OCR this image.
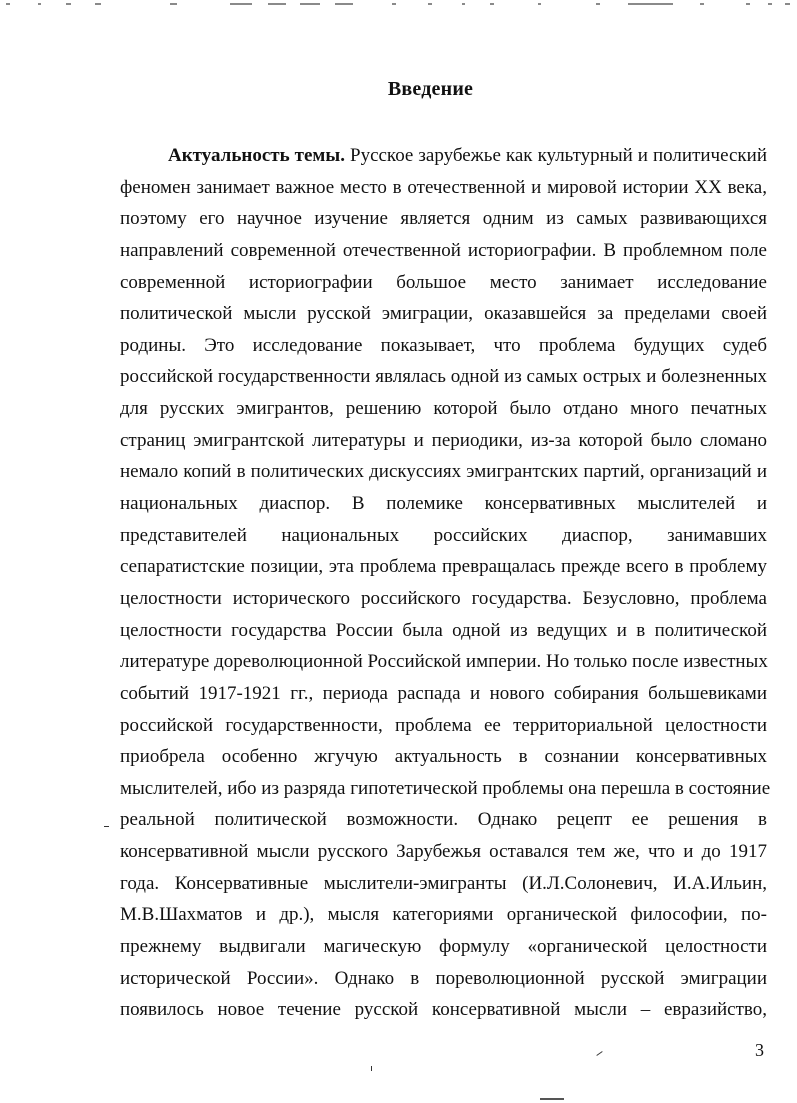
Введение
Актуальность темы. Русское зарубежье как культурный и политический
феномен занимает важное место в отечественной и мировой истории XX века,
поэтому его научное изучение является одним из самых развивающихся
направлений современной отечественной историографии. В проблемном поле
современной историографии большое место занимает исследование
политической мысли русской эмиграции, оказавшейся за пределами своей
родины. Это исследование показывает, что проблема будущих судеб
российской государственности являлась одной из самых острых и болезненных
для русских эмигрантов, решению которой было отдано много печатных
страниц эмигрантской литературы и периодики, из-за которой было сломано
немало копий в политических дискуссиях эмигрантских партий, организаций и
национальных диаспор. В полемике консервативных мыслителей и
представителей национальных российских диаспор, занимавших
сепаратистские позиции, эта проблема превращалась прежде всего в проблему
целостности исторического российского государства. Безусловно, проблема
целостности государства России была одной из ведущих и в политической
литературе дореволюционной Российской империи. Но только после известных
событий 1917-1921 гг., периода распада и нового собирания большевиками
российской государственности, проблема ее территориальной целостности
приобрела особенно жгучую актуальность в сознании консервативных
мыслителей, ибо из разряда гипотетической проблемы она перешла в состояние
реальной политической возможности. Однако рецепт ее решения в
консервативной мысли русского Зарубежья оставался тем же, что и до 1917
года. Консервативные мыслители-эмигранты (И.Л.Солоневич, И.А.Ильин,
М.В.Шахматов и др.), мысля категориями органической философии, по-
прежнему выдвигали магическую формулу «органической целостности
исторической России». Однако в пореволюционной русской эмиграции
появилось новое течение русской консервативной мысли – евразийство,
3
